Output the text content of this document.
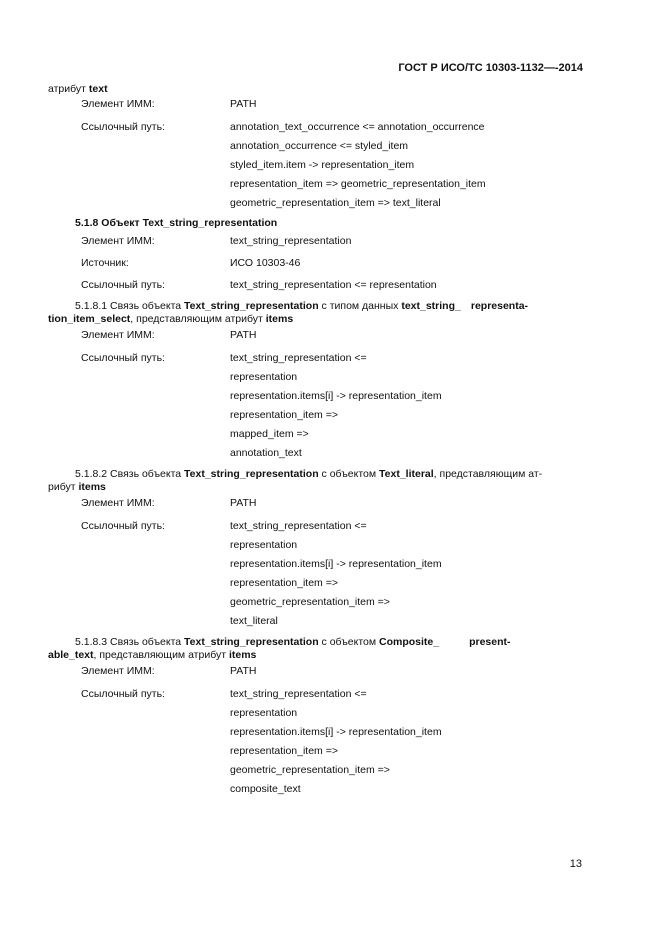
ГОСТ Р ИСО/ТС 10303-1132—-2014
атрибут text
Элемент ИММ:	PATH
Ссылочный путь:	annotation_text_occurrence <= annotation_occurrence
annotation_occurrence <= styled_item
styled_item.item -> representation_item
representation_item => geometric_representation_item
geometric_representation_item => text_literal
5.1.8 Объект Text_string_representation
Элемент ИММ:	text_string_representation
Источник:	ИСО 10303-46
Ссылочный путь:	text_string_representation <= representation
5.1.8.1 Связь объекта Text_string_representation с типом данных text_string_ representa-
tion_item_select, представляющим атрибут items
Элемент ИММ:	PATH
Ссылочный путь:	text_string_representation <=
representation
representation.items[i] -> representation_item
representation_item =>
mapped_item =>
annotation_text
5.1.8.2 Связь объекта Text_string_representation с объектом Text_literal, представляющим ат-
рибут items
Элемент ИММ:	PATH
Ссылочный путь:	text_string_representation <=
representation
representation.items[i] -> representation_item
representation_item =>
geometric_representation_item =>
text_literal
5.1.8.3 Связь объекта Text_string_representation с объектом Composite_	present-
able_text, представляющим атрибут items
Элемент ИММ:	PATH
Ссылочный путь:	text_string_representation <=
representation
representation.items[i] -> representation_item
representation_item =>
geometric_representation_item =>
composite_text
13
